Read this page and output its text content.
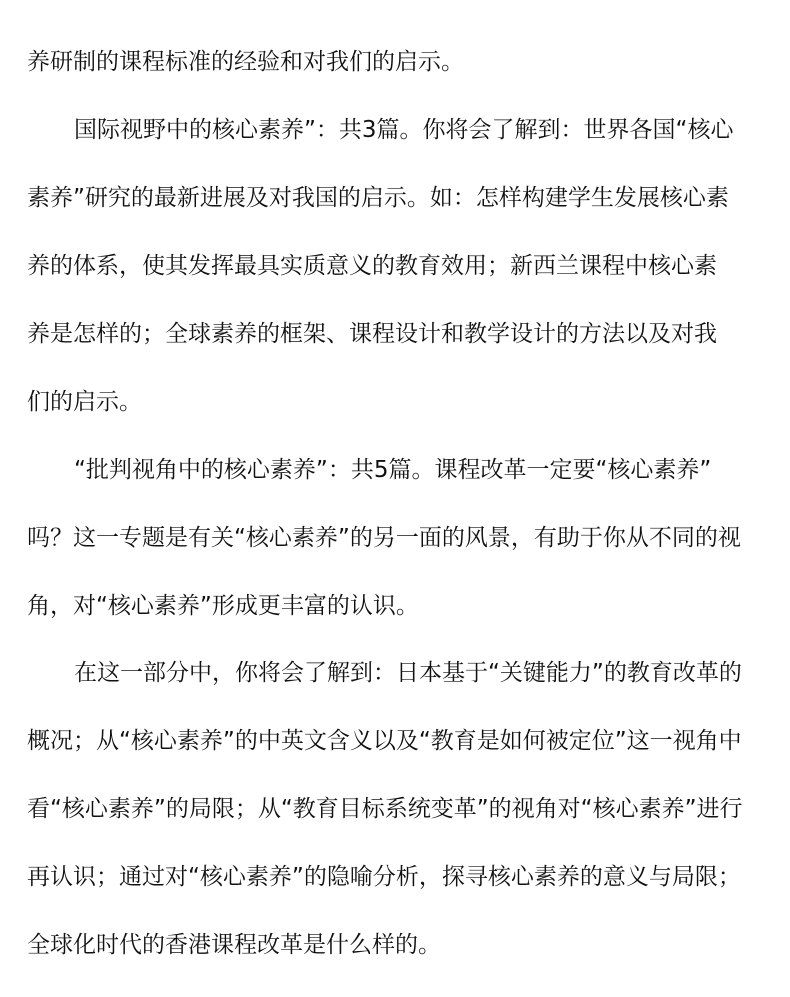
养研制的课程标准的经验和对我们的启示。

国际视野中的核心素养”：共3篇。你将会了解到：世界各国“核心

素养”研究的最新进展及对我国的启示。如：怎样构建学生发展核心素

养的体系，使其发挥最具实质意义的教育效用；新西兰课程中核心素

养是怎样的；全球素养的框架、课程设计和教学设计的方法以及对我

们的启示。

“批判视角中的核心素养”：共5篇。课程改革一定要“核心素养”

吗？这一专题是有关“核心素养”的另一面的风景，有助于你从不同的视

角，对“核心素养”形成更丰富的认识。

在这一部分中，你将会了解到：日本基于“关键能力”的教育改革的

概况；从“核心素养”的中英文含义以及“教育是如何被定位”这一视角中

看“核心素养”的局限；从“教育目标系统变革”的视角对“核心素养”进行

再认识；通过对“核心素养”的隐喻分析，探寻核心素养的意义与局限；

全球化时代的香港课程改革是什么样的。
